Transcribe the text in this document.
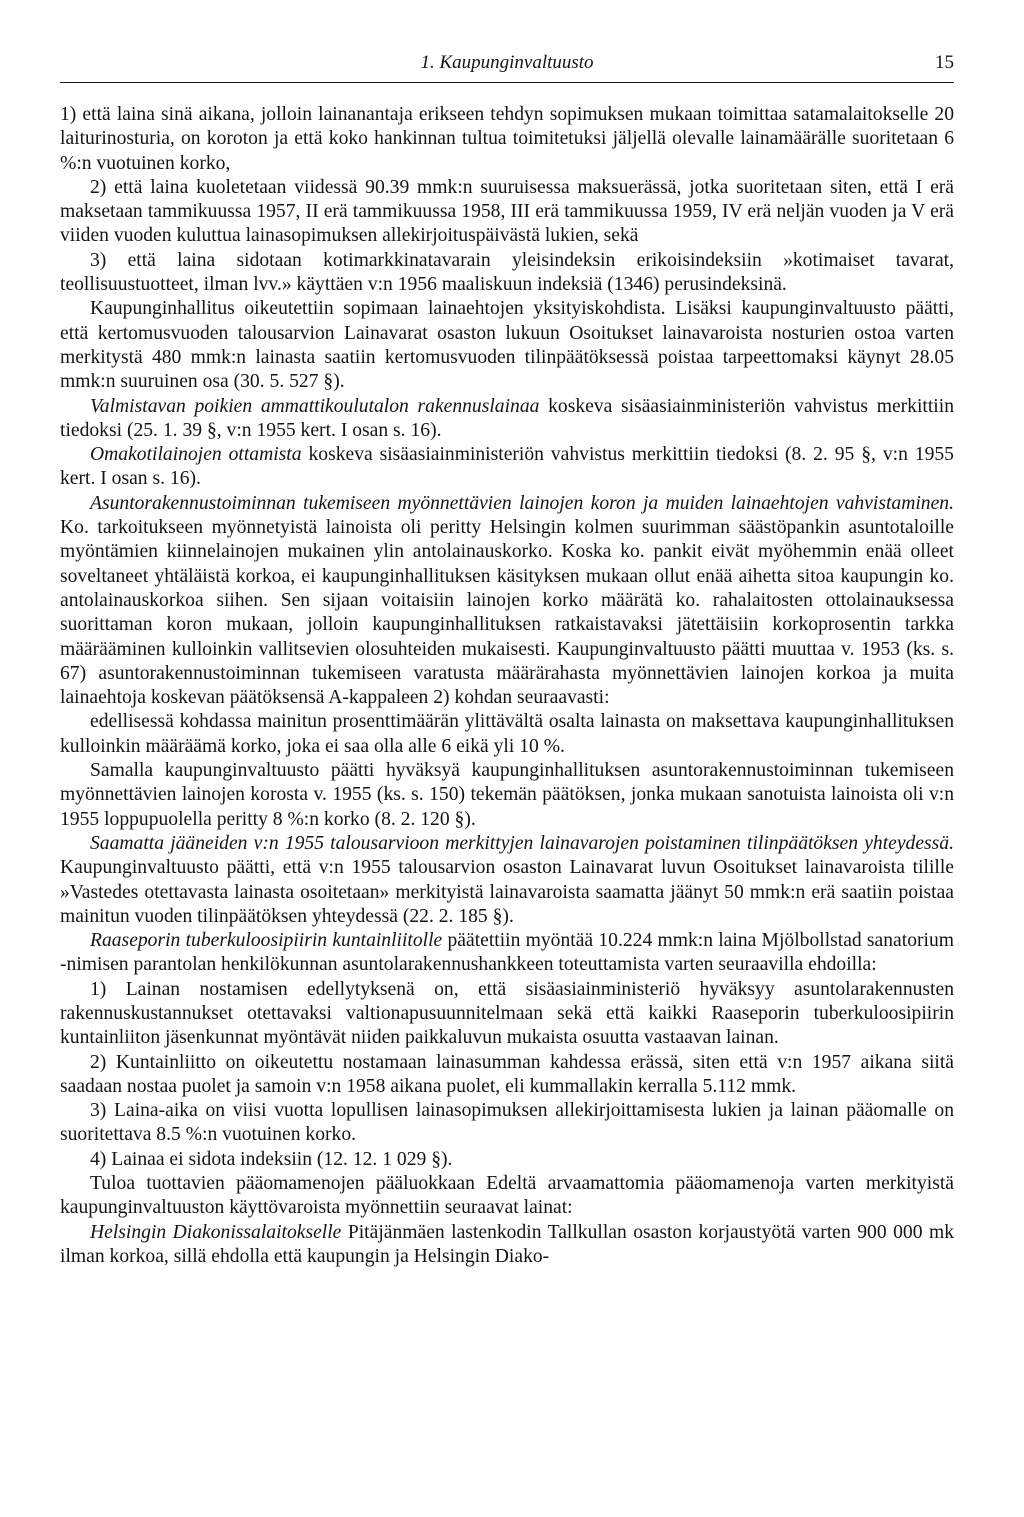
1. Kaupunginvaltuusto	15

1) että laina sinä aikana, jolloin lainanantaja erikseen tehdyn sopimuksen mukaan toimittaa satamalaitokselle 20 laiturinosturia, on koroton ja että koko hankinnan tultua toimitetuksi jäljellä olevalle lainamäärälle suoritetaan 6 %:n vuotuinen korko,

2) että laina kuoletetaan viidessä 90.39 mmk:n suuruisessa maksuerässä, jotka suoritetaan siten, että I erä maksetaan tammikuussa 1957, II erä tammikuussa 1958, III erä tammikuussa 1959, IV erä neljän vuoden ja V erä viiden vuoden kuluttua lainasopimuksen allekirjoituspäivästä lukien, sekä

3) että laina sidotaan kotimarkkinatavarain yleisindeksin erikoisindeksiin »kotimaiset tavarat, teollisuustuotteet, ilman lvv.» käyttäen v:n 1956 maaliskuun indeksiä (1346) perusindeksinä.

Kaupunginhallitus oikeutettiin sopimaan lainaehtojen yksityiskohdista. Lisäksi kaupunginvaltuusto päätti, että kertomusvuoden talousarvion Lainavarat osaston lukuun Osoitukset lainavaroista nosturien ostoa varten merkitystä 480 mmk:n lainasta saatiin kertomusvuoden tilinpäätöksessä poistaa tarpeettomaksi käynyt 28.05 mmk:n suuruinen osa (30. 5. 527 §).

Valmistavan poikien ammattikoulutalon rakennuslainaa koskeva sisäasiainministeriön vahvistus merkittiin tiedoksi (25. 1. 39 §, v:n 1955 kert. I osan s. 16).

Omakotilainojen ottamista koskeva sisäasiainministeriön vahvistus merkittiin tiedoksi (8. 2. 95 §, v:n 1955 kert. I osan s. 16).

Asuntorakennustoiminnan tukemiseen myönnettävien lainojen koron ja muiden lainaehtojen vahvistaminen. Ko. tarkoitukseen myönnetyistä lainoista oli peritty Helsingin kolmen suurimman säästöpankin asuntotaloille myöntämien kiinnelainojen mukainen ylin antolainauskorko. Koska ko. pankit eivät myöhemmin enää olleet soveltaneet yhtäläistä korkoa, ei kaupunginhallituksen käsityksen mukaan ollut enää aihetta sitoa kaupungin ko. antolainauskorkoa siihen. Sen sijaan voitaisiin lainojen korko määrätä ko. rahalaitosten ottolainauksessa suorittaman koron mukaan, jolloin kaupunginhallituksen ratkaistavaksi jätettäisiin korkoprosentin tarkka määrääminen kulloinkin vallitsevien olosuhteiden mukaisesti. Kaupunginvaltuusto päätti muuttaa v. 1953 (ks. s. 67) asuntorakennustoiminnan tukemiseen varatusta määrärahasta myönnettävien lainojen korkoa ja muita lainaehtoja koskevan päätöksensä A-kappaleen 2) kohdan seuraavasti:

edellisessä kohdassa mainitun prosenttimäärän ylittävältä osalta lainasta on maksettava kaupunginhallituksen kulloinkin määräämä korko, joka ei saa olla alle 6 eikä yli 10 %.

Samalla kaupunginvaltuusto päätti hyväksyä kaupunginhallituksen asuntorakennustoiminnan tukemiseen myönnettävien lainojen korosta v. 1955 (ks. s. 150) tekemän päätöksen, jonka mukaan sanotuista lainoista oli v:n 1955 loppupuolella peritty 8 %:n korko (8. 2. 120 §).

Saamatta jääneiden v:n 1955 talousarvioon merkittyjen lainavarojen poistaminen tilinpäätöksen yhteydessä. Kaupunginvaltuusto päätti, että v:n 1955 talousarvion osaston Lainavarat luvun Osoitukset lainavaroista tilille »Vastedes otettavasta lainasta osoitetaan» merkityistä lainavaroista saamatta jäänyt 50 mmk:n erä saatiin poistaa mainitun vuoden tilinpäätöksen yhteydessä (22. 2. 185 §).

Raaseporin tuberkuloosipiirin kuntainliitolle päätettiin myöntää 10.224 mmk:n laina Mjölbollstad sanatorium -nimisen parantolan henkilökunnan asuntolarakennushankkeen toteuttamista varten seuraavilla ehdoilla:

1) Lainan nostamisen edellytyksenä on, että sisäasiainministeriö hyväksyy asuntolarakennusten rakennuskustannukset otettavaksi valtionapusuunnitelmaan sekä että kaikki Raaseporin tuberkuloosipiirin kuntainliiton jäsenkunnat myöntävät niiden paikkaluvun mukaista osuutta vastaavan lainan.

2) Kuntainliitto on oikeutettu nostamaan lainasumman kahdessa erässä, siten että v:n 1957 aikana siitä saadaan nostaa puolet ja samoin v:n 1958 aikana puolet, eli kummallakin kerralla 5.112 mmk.

3) Laina-aika on viisi vuotta lopullisen lainasopimuksen allekirjoittamisesta lukien ja lainan pääomalle on suoritettava 8.5 %:n vuotuinen korko.

4) Lainaa ei sidota indeksiin (12. 12. 1 029 §).

Tuloa tuottavien pääomamenojen pääluokkaan Edeltä arvaamattomia pääomamenoja varten merkityistä kaupunginvaltuuston käyttövaroista myönnettiin seuraavat lainat:

Helsingin Diakonissalaitokselle Pitäjänmäen lastenkodin Tallkullan osaston korjaustyötä varten 900 000 mk ilman korkoa, sillä ehdolla että kaupungin ja Helsingin Diako-
